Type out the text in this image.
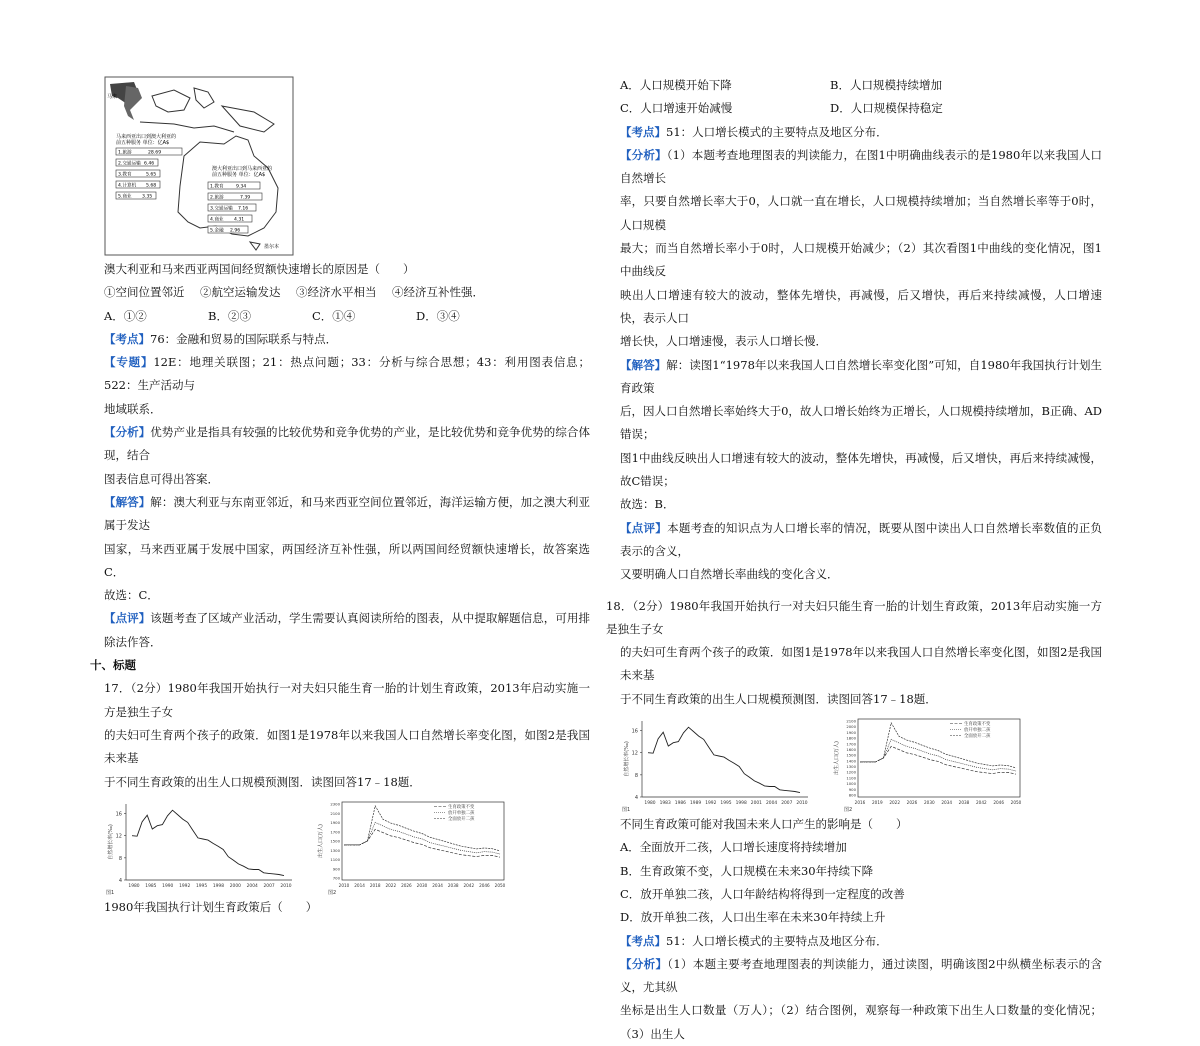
马来西亚出口到澳大利亚的
前五种服务 单位：亿A$
1.旅游	28.69
2.交通运输 6.46
3.教育	5.65
4.计算机 5.68
5.商业 3.35
澳大利亚出口到马来西亚的
前五种服务 单位：亿A$
1.教育	9.34
2.旅游	7.39
3.交通运输 7.16
4.商业 4.31
5.金融 2.96
马来
墨尔本

澳大利亚和马来西亚两国间经贸额快速增长的原因是（　　）

①空间位置邻近	②航空运输发达	③经济水平相当	④经济互补性强．
A．①②	B．②③	C．①④	D．③④

【考点】76：金融和贸易的国际联系与特点．

【专题】12E：地理关联图；21：热点问题；33：分析与综合思想；43：利用图表信息；522：生产活动与

地域联系．

【分析】优势产业是指具有较强的比较优势和竞争优势的产业，是比较优势和竞争优势的综合体现，结合

图表信息可得出答案．

【解答】解：澳大利亚与东南亚邻近，和马来西亚空间位置邻近，海洋运输方便，加之澳大利亚属于发达

国家，马来西亚属于发展中国家，两国经济互补性强，所以两国间经贸额快速增长，故答案选C．

故选：C．

【点评】该题考查了区域产业活动，学生需要认真阅读所给的图表，从中提取解题信息，可用排除法作答．

十、标题

17．（2分）1980年我国开始执行一对夫妇只能生育一胎的计划生育政策，2013年启动实施一方是独生子女

的夫妇可生育两个孩子的政策．如图1是1978年以来我国人口自然增长率变化图，如图2是我国未来基

于不同生育政策的出生人口规模预测图．读图回答17﹣18题．

16
12
8
4
自然增长率(‰)
1980 1985 1990 1992 1995 1998 2000 2004 2007 2010
图1
2300
2100
1900
1700
1500
1300
1100
900
700
出生人口(万人)
2010 2014 2018 2022 2026 2030 2034 2038 2042 2046 2050
生育政策不变
放开单独二孩
全面放开二孩
图2

1980年我国执行计划生育政策后（　　）

A．人口规模开始下降	B．人口规模持续增加
C．人口增速开始减慢	D．人口规模保持稳定

【考点】51：人口增长模式的主要特点及地区分布．

【分析】（1）本题考查地理图表的判读能力，在图1中明确曲线表示的是1980年以来我国人口自然增长

率，只要自然增长率大于0，人口就一直在增长，人口规模持续增加；当自然增长率等于0时，人口规模

最大；而当自然增长率小于0时，人口规模开始减少；（2）其次看图1中曲线的变化情况，图1中曲线反

映出人口增速有较大的波动，整体先增快，再减慢，后又增快，再后来持续减慢，人口增速快，表示人口

增长快，人口增速慢，表示人口增长慢．

【解答】解：读图1“1978年以来我国人口自然增长率变化图”可知，自1980年我国执行计划生育政策

后，因人口自然增长率始终大于0，故人口增长始终为正增长，人口规模持续增加，B正确、AD错误；

图1中曲线反映出人口增速有较大的波动，整体先增快，再减慢，后又增快，再后来持续减慢，故C错误；

故选：B．

【点评】本题考查的知识点为人口增长率的情况，既要从图中读出人口自然增长率数值的正负表示的含义，

又要明确人口自然增长率曲线的变化含义．

18．（2分）1980年我国开始执行一对夫妇只能生育一胎的计划生育政策，2013年启动实施一方是独生子女

的夫妇可生育两个孩子的政策．如图1是1978年以来我国人口自然增长率变化图，如图2是我国未来基

于不同生育政策的出生人口规模预测图．读图回答17﹣18题．

16
12
8
4
自然增长率(‰)
1980 1983 1986 1989 1992 1995 1998 2001 2004 2007 2010
图1
2100
2000
1900
1800
1700
1600
1500
1400
1300
1200
1100
1000
900
800
出生人口(万人)
2016 2019 2022 2026 2030 2034 2038 2042 2046 2050
生育政策不变
放开单独二孩
全面放开二孩
图2

不同生育政策可能对我国未来人口产生的影响是（　　）

A．全面放开二孩，人口增长速度将持续增加

B．生育政策不变，人口规模在未来30年持续下降

C．放开单独二孩，人口年龄结构将得到一定程度的改善

D．放开单独二孩，人口出生率在未来30年持续上升

【考点】51：人口增长模式的主要特点及地区分布．

【分析】（1）本题主要考查地理图表的判读能力，通过读图，明确该图2中纵横坐标表示的含义，尤其纵

坐标是出生人口数量（万人）；（2）结合图例，观察每一种政策下出生人口数量的变化情况；（3）出生人
